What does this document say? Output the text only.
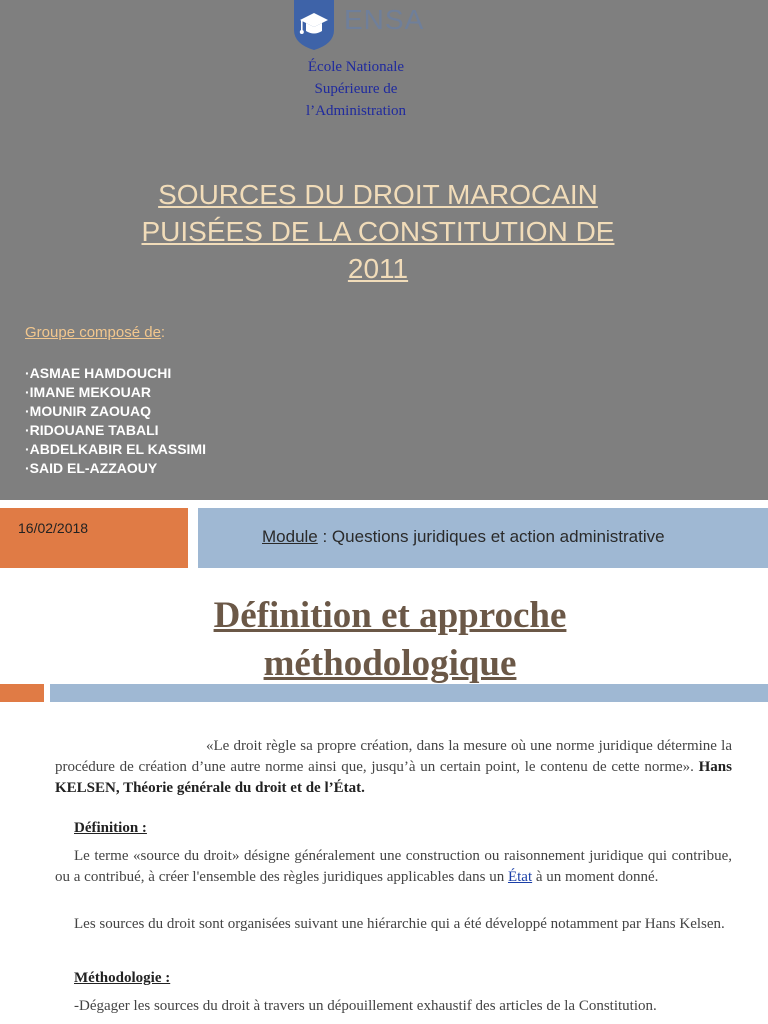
ENSA
École Nationale
Supérieure de
l’Administration
SOURCES DU DROIT MAROCAIN
PUISÉES DE LA CONSTITUTION DE
2011
Groupe composé de:
· ASMAE HAMDOUCHI
· IMANE MEKOUAR
· MOUNIR ZAOUAQ
· RIDOUANE TABALI
· ABDELKABIR EL KASSIMI
· SAID EL-AZZAOUY
16/02/2018	Module : Questions juridiques et action administrative
Définition et approche
méthodologique
«Le droit règle sa propre création, dans la mesure où une norme juridique détermine la procédure de création d’une autre norme ainsi que, jusqu’à un certain point, le contenu de cette norme». Hans KELSEN, Théorie générale du droit et de l’État.
Définition :
Le terme «source du droit» désigne généralement une construction ou raisonnement juridique qui contribue, ou a contribué, à créer l'ensemble des règles juridiques applicables dans un État à un moment donné.
Les sources du droit sont organisées suivant une hiérarchie qui a été développé notamment par Hans Kelsen.
Méthodologie :
-Dégager les sources du droit à travers un dépouillement exhaustif des articles de la Constitution.
